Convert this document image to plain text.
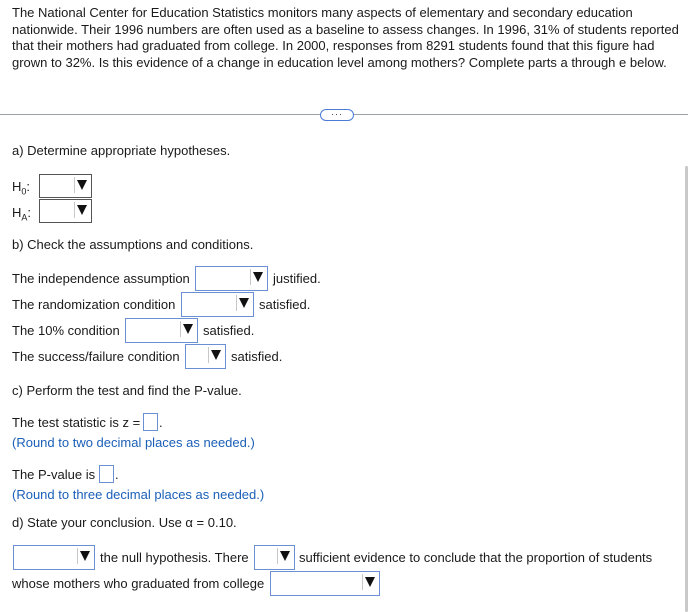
The National Center for Education Statistics monitors many aspects of elementary and secondary education nationwide. Their 1996 numbers are often used as a baseline to assess changes. In 1996, 31% of students reported that their mothers had graduated from college. In 2000, responses from 8291 students found that this figure had grown to 32%. Is this evidence of a change in education level among mothers? Complete parts a through e below.
···
a) Determine appropriate hypotheses.
$H_0$:
$H_A$:
b) Check the assumptions and conditions.
The independence assumption	justified.
The randomization condition	satisfied.
The 10% condition	satisfied.
The success/failure condition	satisfied.
c) Perform the test and find the P-value.
The test statistic is z = .
(Round to two decimal places as needed.)
The P-value is .
(Round to three decimal places as needed.)
d) State your conclusion. Use α = 0.10.
the null hypothesis. There	sufficient evidence to conclude that the proportion of students
whose mothers who graduated from college
